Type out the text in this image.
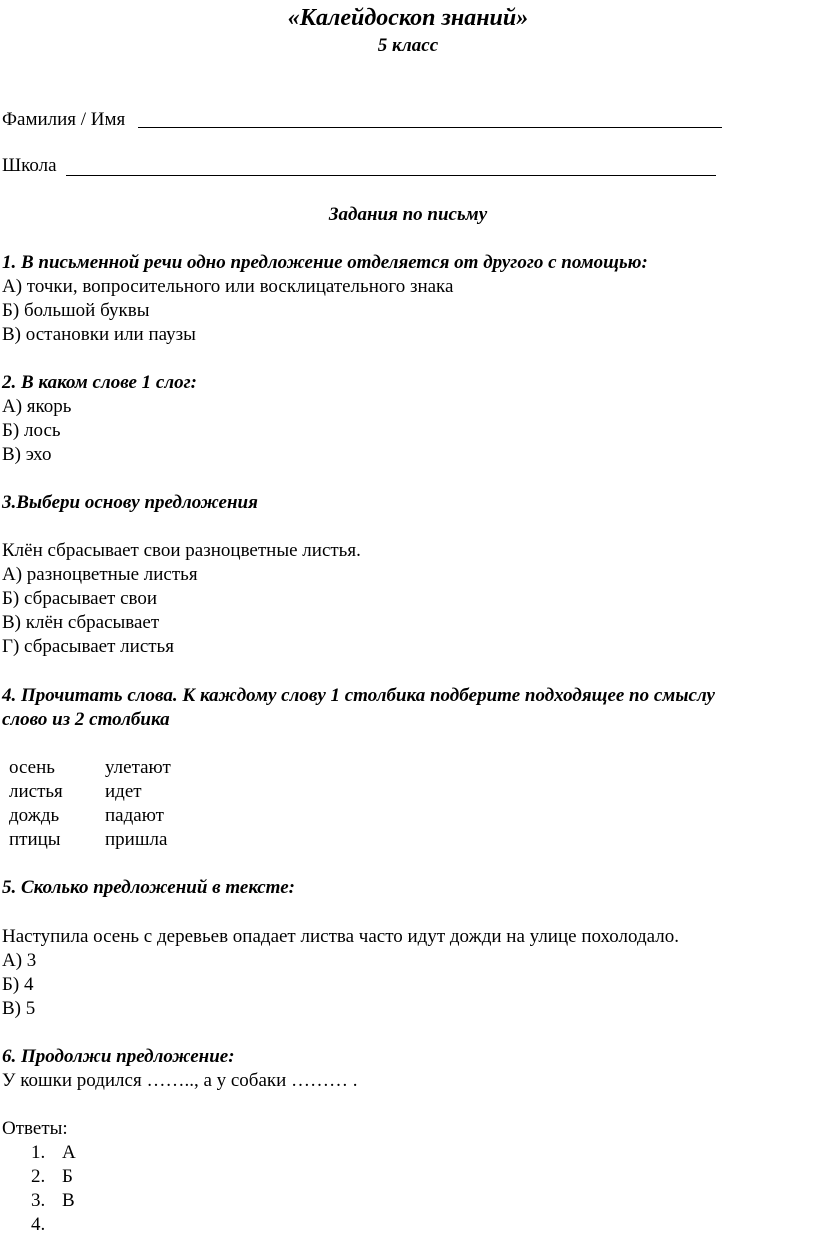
«Калейдоскоп знаний»
5 класс
Фамилия / Имя
Школа
Задания по письму
1. В письменной речи одно предложение отделяется от другого с помощью:
А) точки, вопросительного или восклицательного знака
Б) большой буквы
В) остановки или паузы
2. В каком слове 1 слог:
А) якорь
Б) лось
В) эхо
3.Выбери основу предложения
Клён сбрасывает свои разноцветные листья.
А) разноцветные листья
Б) сбрасывает свои
В) клён сбрасывает
Г) сбрасывает листья
4. Прочитать слова. К каждому слову 1 столбика подберите подходящее по смыслу
слово из 2 столбика
осень	улетают
листья идет
дождь падают
птицы пришла
5. Сколько предложений в тексте:
Наступила осень с деревьев опадает листва часто идут дожди на улице похолодало.
А) 3
Б) 4
В) 5
6. Продолжи предложение:
У кошки родился …….., а у собаки ……… .
Ответы:
1. А
2. Б
3. В
4.
